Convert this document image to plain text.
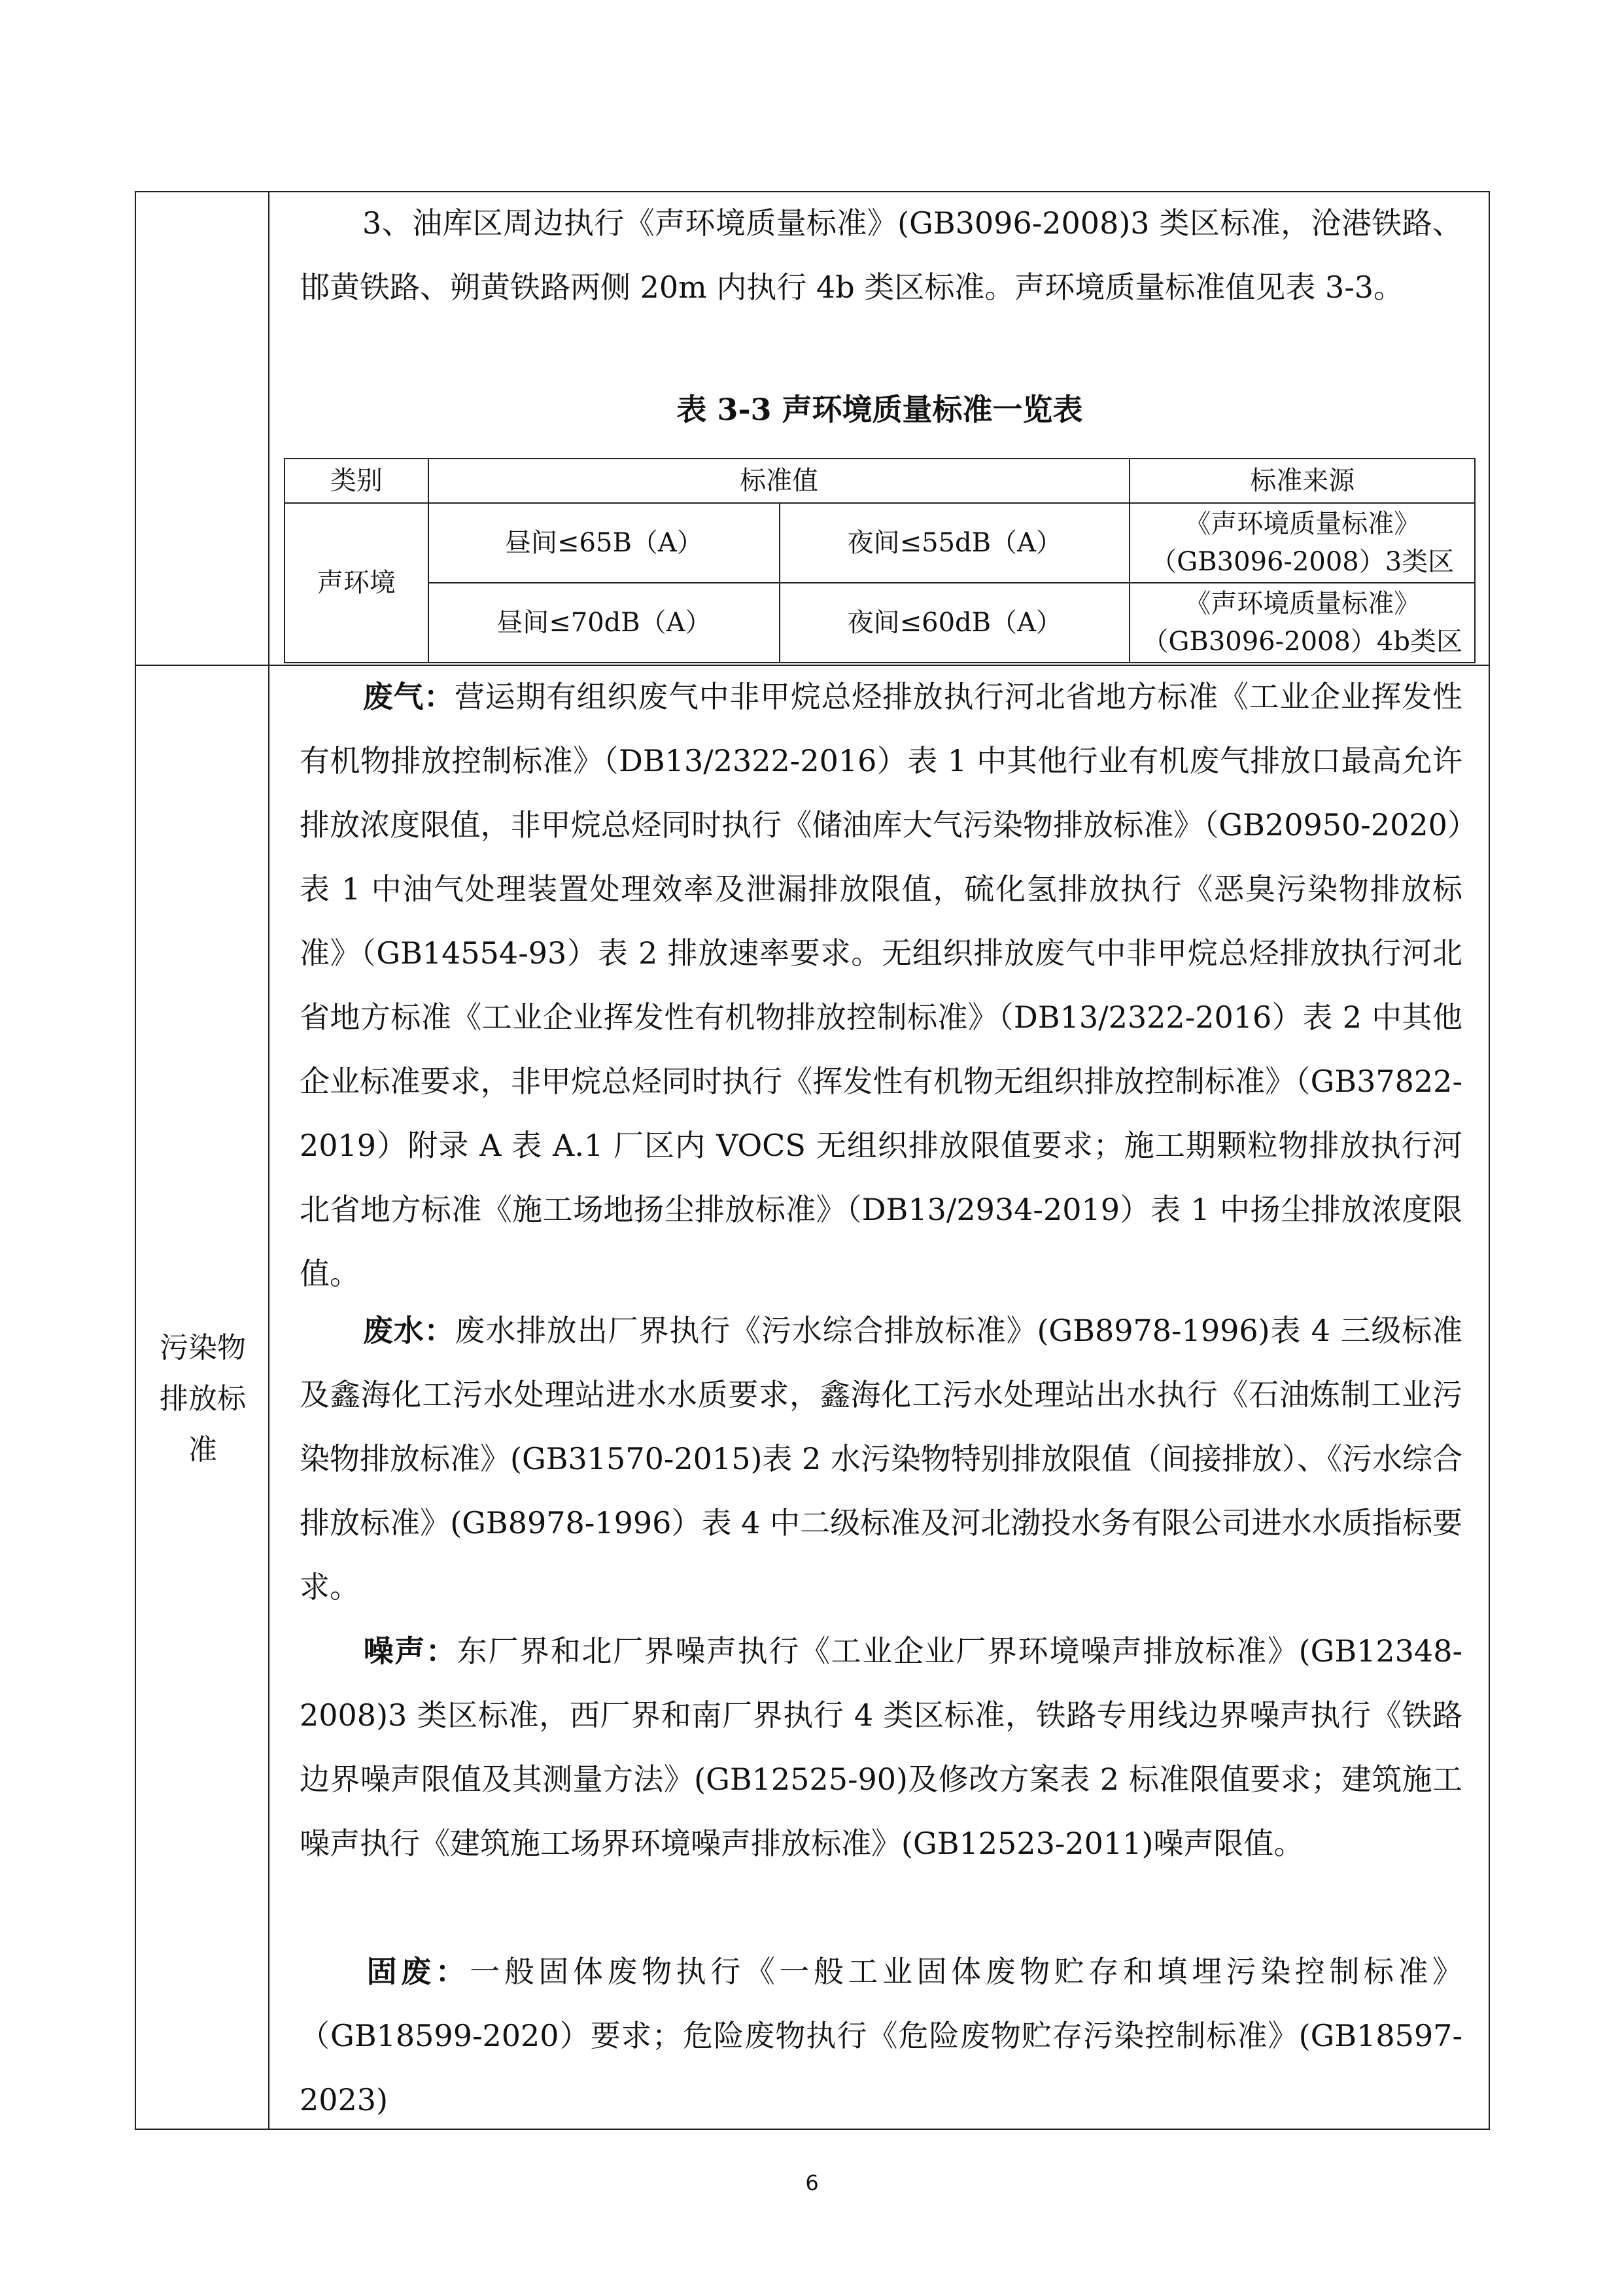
3、油库区周边执行《声环境质量标准》(GB3096-2008)3 类区标准，沧港铁路、邯黄铁路、朔黄铁路两侧 20m 内执行 4b 类区标准。声环境质量标准值见表 3-3。

表 3-3 声环境质量标准一览表
类别	标准值		标准来源
声环境	昼间≤65B（A）	夜间≤55dB（A）	《声环境质量标准》
（GB3096-2008）3类区

	昼间≤70dB（A）	夜间≤60dB（A）	《声环境质量标准》
（GB3096-2008）4b类区
污染物
排放标
准

废气：营运期有组织废气中非甲烷总烃排放执行河北省地方标准《工业企业挥发性有机物排放控制标准》（DB13/2322-2016）表 1 中其他行业有机废气排放口最高允许排放浓度限值，非甲烷总烃同时执行《储油库大气污染物排放标准》（GB20950-2020）表 1 中油气处理装置处理效率及泄漏排放限值，硫化氢排放执行《恶臭污染物排放标准》（GB14554-93）表 2 排放速率要求。无组织排放废气中非甲烷总烃排放执行河北省地方标准《工业企业挥发性有机物排放控制标准》（DB13/2322-2016）表 2 中其他企业标准要求，非甲烷总烃同时执行《挥发性有机物无组织排放控制标准》（GB37822-2019）附录 A 表 A.1 厂区内 VOCS 无组织排放限值要求；施工期颗粒物排放执行河北省地方标准《施工场地扬尘排放标准》（DB13/2934-2019）表 1 中扬尘排放浓度限值。

废水：废水排放出厂界执行《污水综合排放标准》(GB8978-1996)表 4 三级标准及鑫海化工污水处理站进水水质要求，鑫海化工污水处理站出水执行《石油炼制工业污染物排放标准》(GB31570-2015)表 2 水污染物特别排放限值（间接排放）、《污水综合排放标准》(GB8978-1996）表 4 中二级标准及河北渤投水务有限公司进水水质指标要求。

噪声：东厂界和北厂界噪声执行《工业企业厂界环境噪声排放标准》(GB12348-2008)3 类区标准，西厂界和南厂界执行 4 类区标准，铁路专用线边界噪声执行《铁路边界噪声限值及其测量方法》(GB12525-90)及修改方案表 2 标准限值要求；建筑施工噪声执行《建筑施工场界环境噪声排放标准》(GB12523-2011)噪声限值。

固废：一般固体废物执行《一般工业固体废物贮存和填埋污染控制标准》（GB18599-2020）要求；危险废物执行《危险废物贮存污染控制标准》(GB18597-2023)

6
